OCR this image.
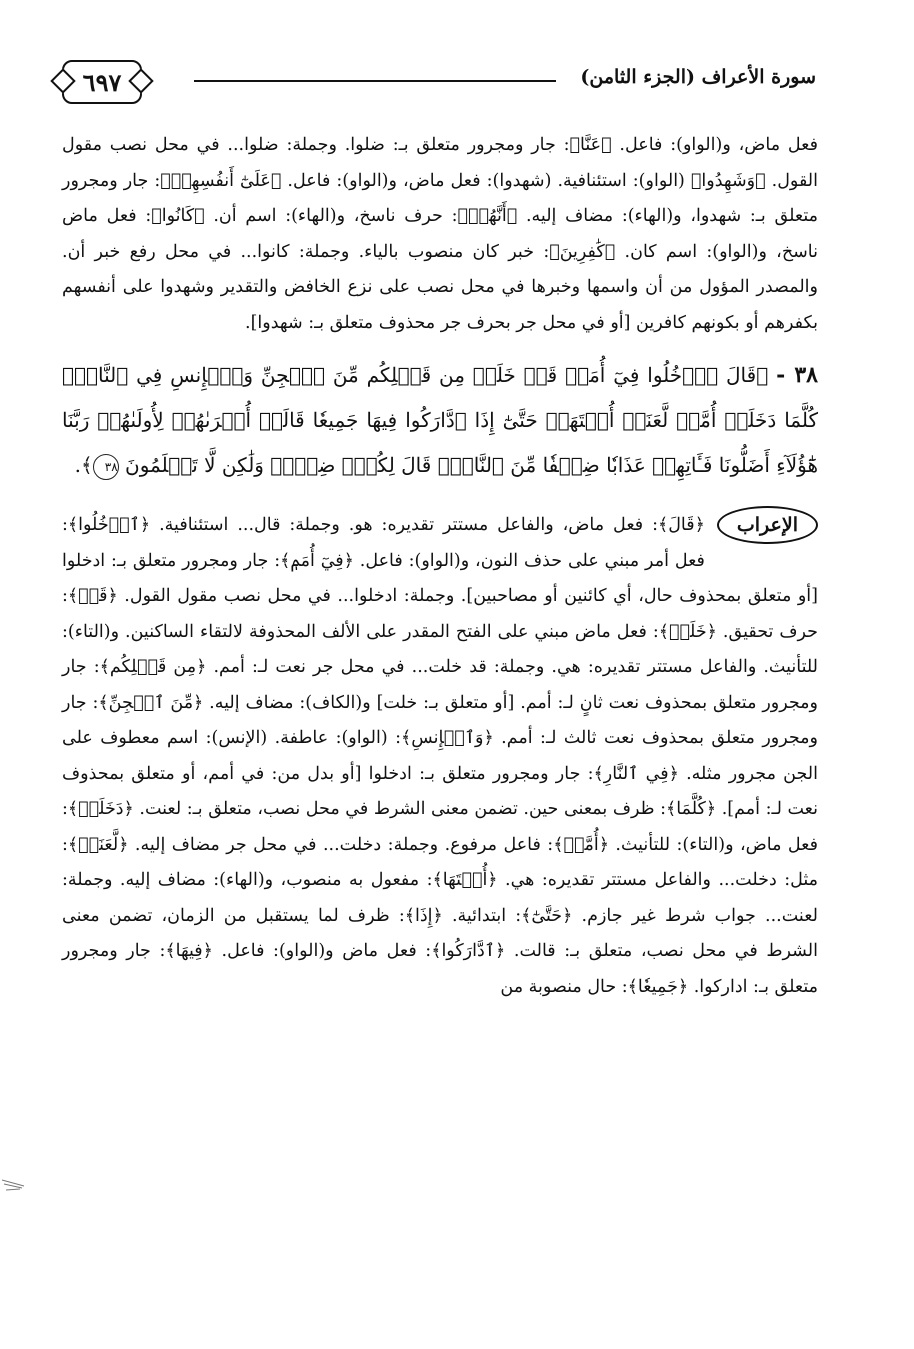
٦٩٧	سورة الأعراف (الجزء الثامن)

فعل ماض، و(الواو): فاعل. ﴿عَنَّا﴾: جار ومجرور متعلق بـ: ضلوا. وجملة: ضلوا... في محل نصب مقول القول. ﴿وَشَهِدُوا﴾ (الواو): استئنافية. (شهدوا): فعل ماض، و(الواو): فاعل. ﴿عَلَىٰٓ أَنفُسِهِمۡ﴾: جار ومجرور متعلق بـ: شهدوا، و(الهاء): مضاف إليه. ﴿أَنَّهُمۡ﴾: حرف ناسخ، و(الهاء): اسم أن. ﴿كَانُوا﴾: فعل ماض ناسخ، و(الواو): اسم كان. ﴿كَٰفِرِينَ﴾: خبر كان منصوب بالياء. وجملة: كانوا... في محل رفع خبر أن. والمصدر المؤول من أن واسمها وخبرها في محل نصب على نزع الخافض والتقدير وشهدوا على أنفسهم بكفرهم أو بكونهم كافرين [أو في محل جر بحرف جر محذوف متعلق بـ: شهدوا].

٣٨ - ﴿قَالَ ٱدۡخُلُوا فِيٓ أُمَمٖ قَدۡ خَلَتۡ مِن قَبۡلِكُم مِّنَ ٱلۡجِنِّ وَٱلۡإِنسِ فِي ٱلنَّارِۖ كُلَّمَا دَخَلَتۡ أُمَّةٞ لَّعَنَتۡ أُخۡتَهَاۖ حَتَّىٰٓ إِذَا ٱدَّارَكُوا فِيهَا جَمِيعٗا قَالَتۡ أُخۡرَىٰهُمۡ لِأُولَىٰهُمۡ رَبَّنَا هَٰٓؤُلَآءِ أَضَلُّونَا فَـَٔاتِهِمۡ عَذَابٗا ضِعۡفٗا مِّنَ ٱلنَّارِۖ قَالَ لِكُلّٖ ضِعۡفٞ وَلَٰكِن لَّا تَعۡلَمُونَ ٣٨﴾.

الإعراب

﴿قَالَ﴾: فعل ماض، والفاعل مستتر تقديره: هو. وجملة: قال... استئنافية. ﴿ٱدۡخُلُوا﴾: فعل أمر مبني على حذف النون، و(الواو): فاعل. ﴿فِيٓ أُمَمٖ﴾: جار ومجرور متعلق بـ: ادخلوا [أو متعلق بمحذوف حال، أي كائنين أو مصاحبين]. وجملة: ادخلوا... في محل نصب مقول القول. ﴿قَدۡ﴾: حرف تحقيق. ﴿خَلَتۡ﴾: فعل ماض مبني على الفتح المقدر على الألف المحذوفة لالتقاء الساكنين. و(التاء): للتأنيث. والفاعل مستتر تقديره: هي. وجملة: قد خلت... في محل جر نعت لـ: أمم. ﴿مِن قَبۡلِكُم﴾: جار ومجرور متعلق بمحذوف نعت ثانٍ لـ: أمم. [أو متعلق بـ: خلت] و(الكاف): مضاف إليه. ﴿مِّنَ ٱلۡجِنِّ﴾: جار ومجرور متعلق بمحذوف نعت ثالث لـ: أمم. ﴿وَٱلۡإِنسِ﴾: (الواو): عاطفة. (الإنس): اسم معطوف على الجن مجرور مثله. ﴿فِي ٱلنَّارِ﴾: جار ومجرور متعلق بـ: ادخلوا [أو بدل من: في أمم، أو متعلق بمحذوف نعت لـ: أمم]. ﴿كُلَّمَا﴾: ظرف بمعنى حين. تضمن معنى الشرط في محل نصب، متعلق بـ: لعنت. ﴿دَخَلَتۡ﴾: فعل ماض، و(التاء): للتأنيث. ﴿أُمَّةٞ﴾: فاعل مرفوع. وجملة: دخلت... في محل جر مضاف إليه. ﴿لَّعَنَتۡ﴾: مثل: دخلت... والفاعل مستتر تقديره: هي. ﴿أُخۡتَهَا﴾: مفعول به منصوب، و(الهاء): مضاف إليه. وجملة: لعنت... جواب شرط غير جازم. ﴿حَتَّىٰٓ﴾: ابتدائية. ﴿إِذَا﴾: ظرف لما يستقبل من الزمان، تضمن معنى الشرط في محل نصب، متعلق بـ: قالت. ﴿ٱدَّارَكُوا﴾: فعل ماض و(الواو): فاعل. ﴿فِيهَا﴾: جار ومجرور متعلق بـ: اداركوا. ﴿جَمِيعٗا﴾: حال منصوبة من
